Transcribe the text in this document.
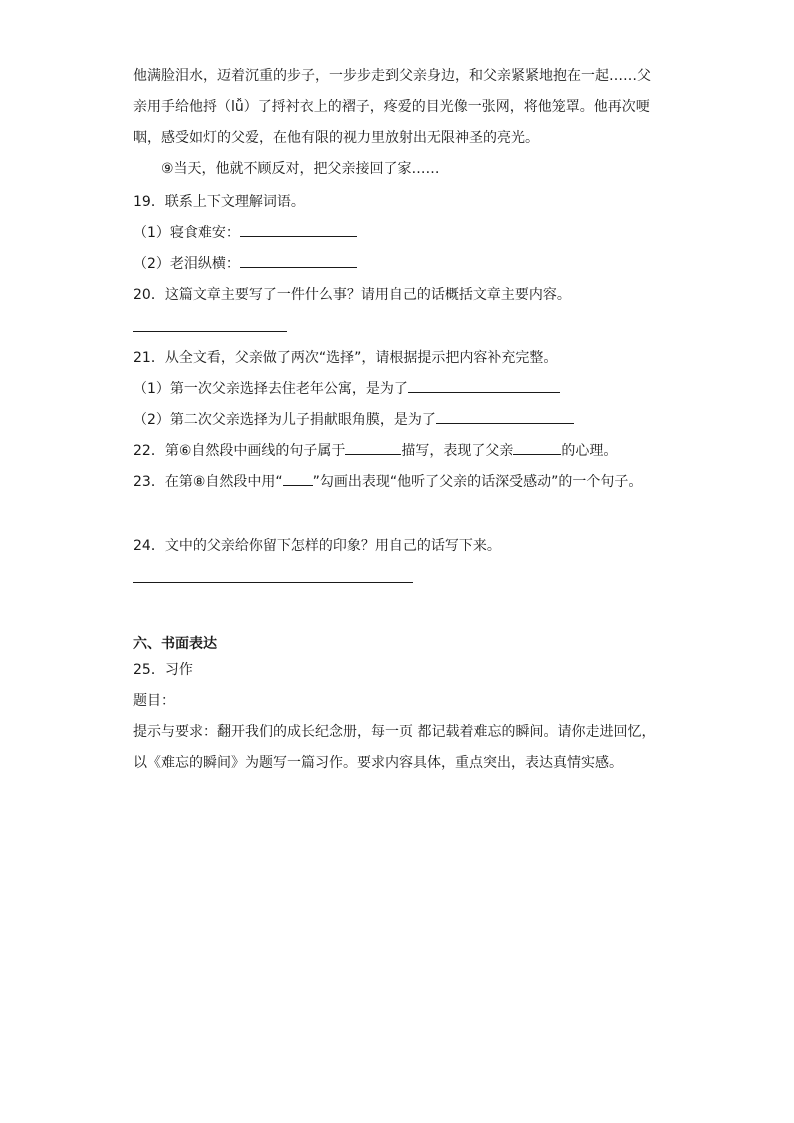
他满脸泪水，迈着沉重的步子，一步步走到父亲身边，和父亲紧紧地抱在一起……父
亲用手给他捋（lǚ）了捋衬衣上的褶子，疼爱的目光像一张网，将他笼罩。他再次哽
咽，感受如灯的父爱，在他有限的视力里放射出无限神圣的亮光。
⑨当天，他就不顾反对，把父亲接回了家……
19．联系上下文理解词语。
（1）寝食难安：
（2）老泪纵横：
20．这篇文章主要写了一件什么事？请用自己的话概括文章主要内容。
21．从全文看，父亲做了两次“选择”，请根据提示把内容补充完整。
（1）第一次父亲选择去住老年公寓，是为了
（2）第二次父亲选择为儿子捐献眼角膜，是为了
22．第⑥自然段中画线的句子属于	描写，表现了父亲	的心理。
23．在第⑧自然段中用“ ”勾画出表现“他听了父亲的话深受感动”的一个句子。
24．文中的父亲给你留下怎样的印象？用自己的话写下来。
六、书面表达
25．习作
题目：
提示与要求：翻开我们的成长纪念册，每一页 都记载着难忘的瞬间。请你走进回忆，
以《难忘的瞬间》为题写一篇习作。要求内容具体，重点突出，表达真情实感。
